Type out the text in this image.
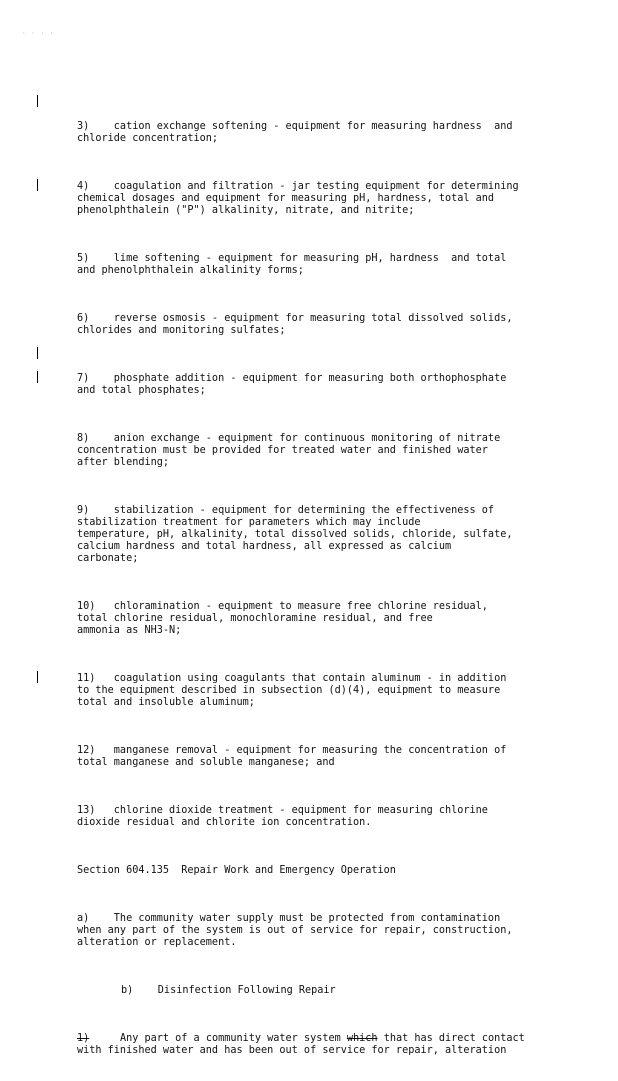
· · · ·

3)    cation exchange softening - equipment for measuring hardness  and
chloride concentration;

4)    coagulation and filtration - jar testing equipment for determining
chemical dosages and equipment for measuring pH, hardness, total and
phenolphthalein ("P") alkalinity, nitrate, and nitrite;

5)    lime softening - equipment for measuring pH, hardness  and total
and phenolphthalein alkalinity forms;

6)    reverse osmosis - equipment for measuring total dissolved solids,
chlorides and monitoring sulfates;

7)    phosphate addition - equipment for measuring both orthophosphate
and total phosphates;

8)    anion exchange - equipment for continuous monitoring of nitrate
concentration must be provided for treated water and finished water
after blending;

9)    stabilization - equipment for determining the effectiveness of
stabilization treatment for parameters which may include
temperature, pH, alkalinity, total dissolved solids, chloride, sulfate,
calcium hardness and total hardness, all expressed as calcium
carbonate;

10)   chloramination - equipment to measure free chlorine residual,
total chlorine residual, monochloramine residual, and free
ammonia as NH3-N;

11)   coagulation using coagulants that contain aluminum - in addition
to the equipment described in subsection (d)(4), equipment to measure
total and insoluble aluminum;

12)   manganese removal - equipment for measuring the concentration of
total manganese and soluble manganese; and

13)   chlorine dioxide treatment - equipment for measuring chlorine
dioxide residual and chlorite ion concentration.

Section 604.135  Repair Work and Emergency Operation

a)    The community water supply must be protected from contamination
when any part of the system is out of service for repair, construction,
alteration or replacement.

b)    Disinfection Following Repair

1)     Any part of a community water system which that has direct contact
with finished water and has been out of service for repair, alteration
